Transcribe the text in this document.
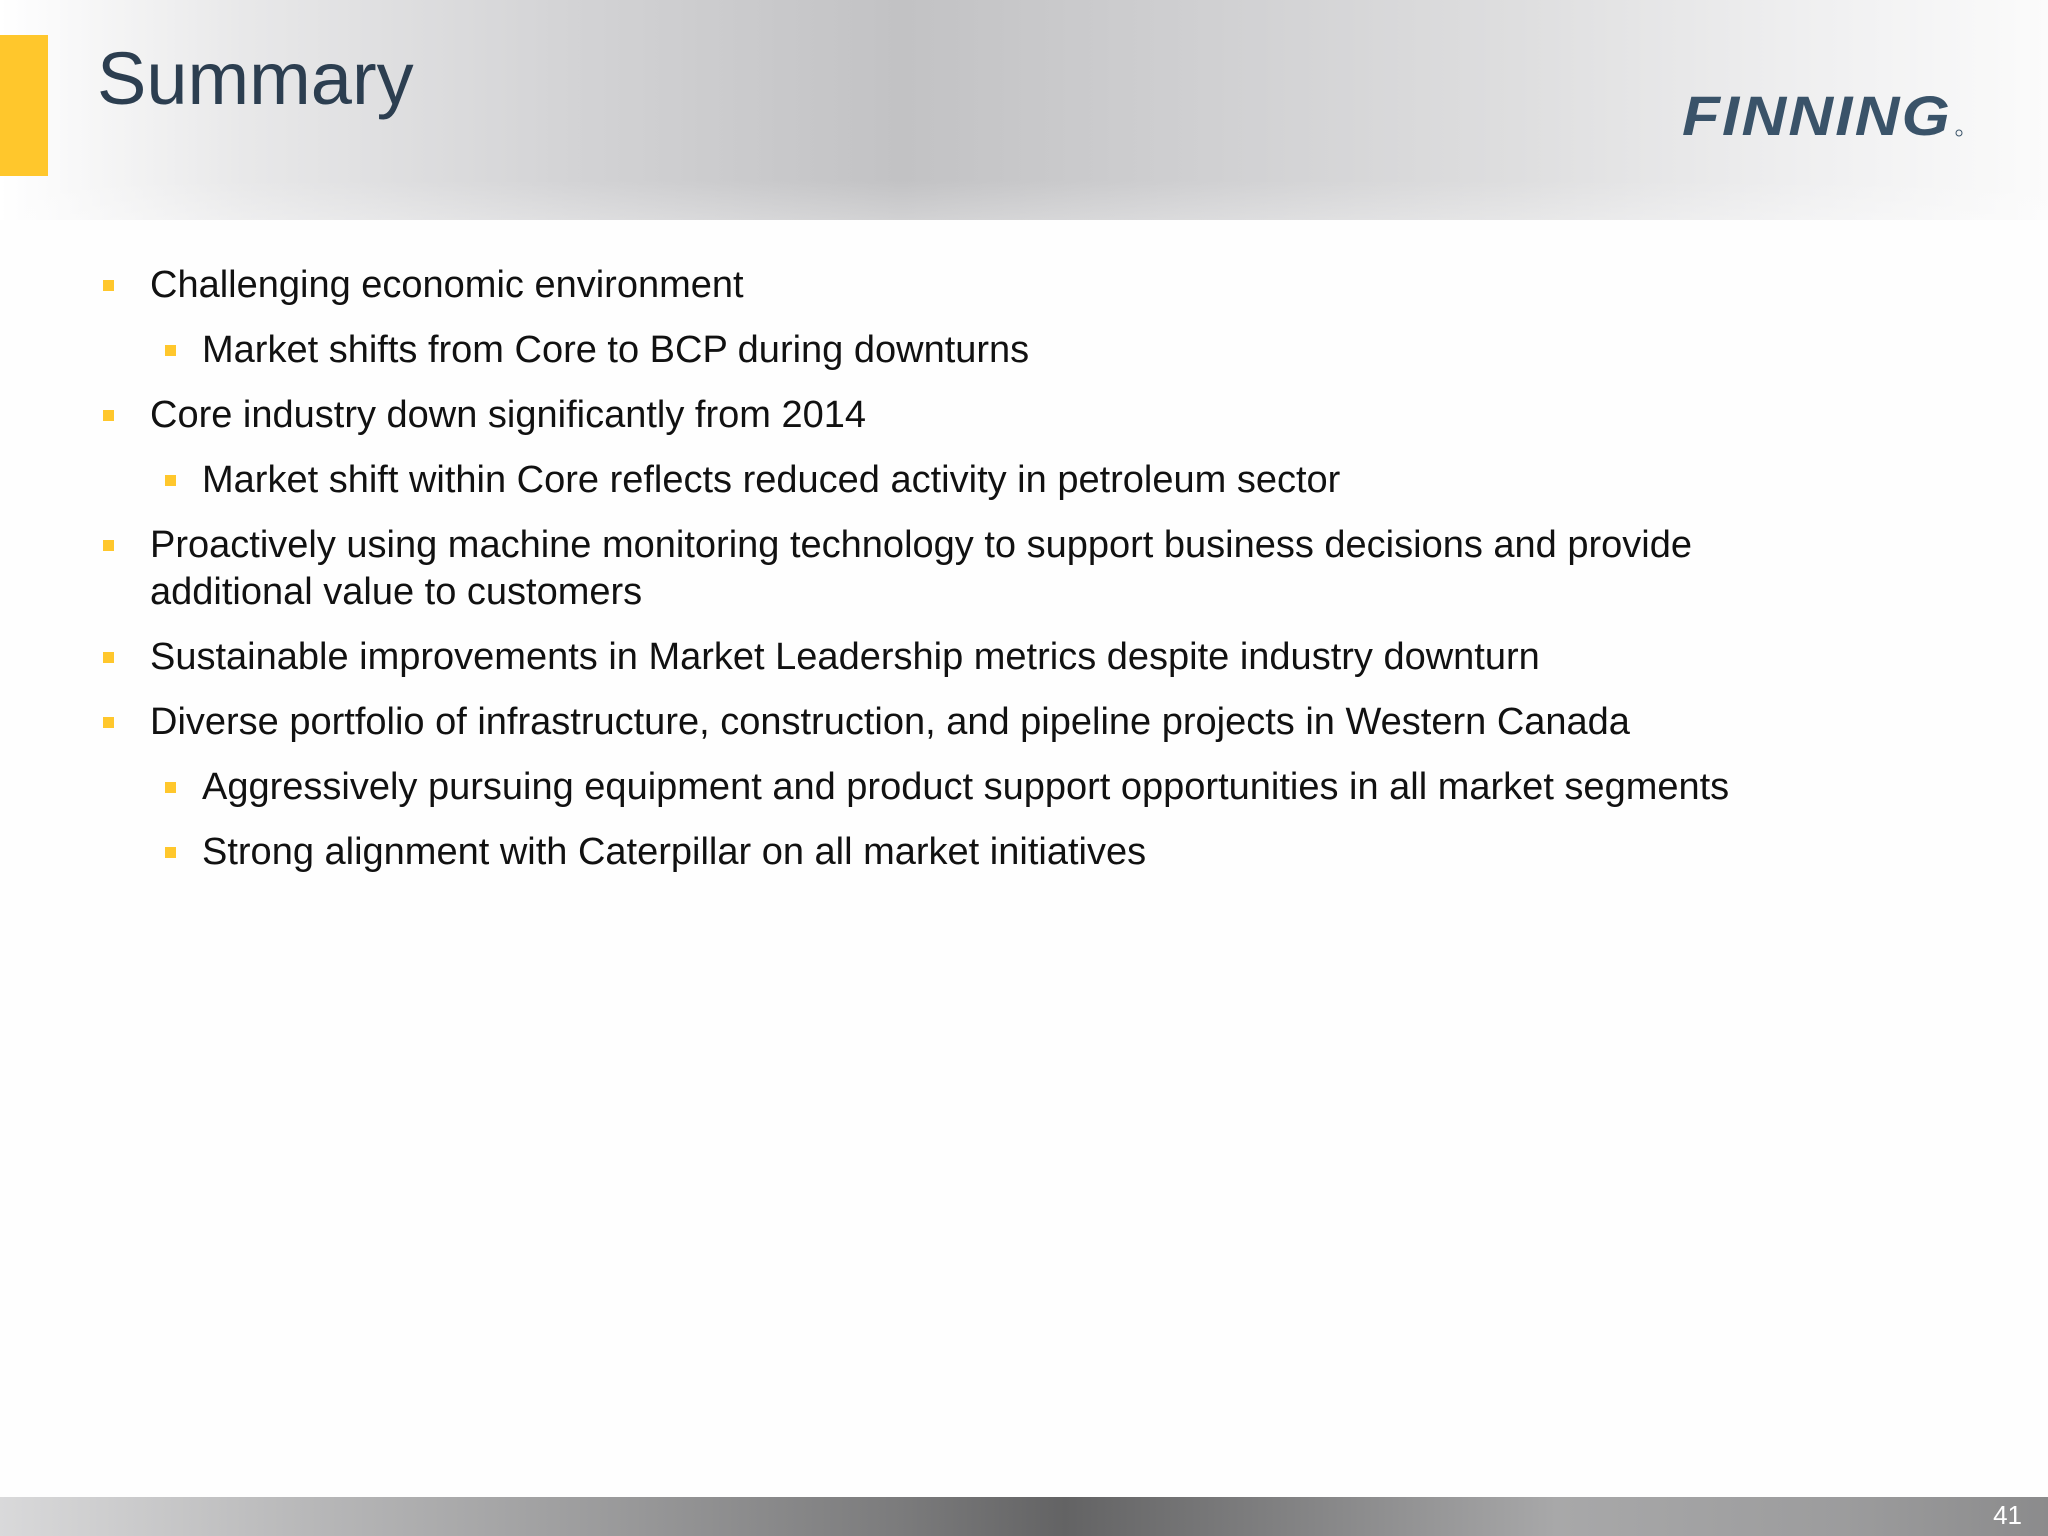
Summary	FINNING
Challenging economic environment
Market shifts from Core to BCP during downturns
Core industry down significantly from 2014
Market shift within Core reflects reduced activity in petroleum sector
Proactively using machine monitoring technology to support business decisions and provide additional value to customers
Sustainable improvements in Market Leadership metrics despite industry downturn
Diverse portfolio of infrastructure, construction, and pipeline projects in Western Canada
Aggressively pursuing equipment and product support opportunities in all market segments
Strong alignment with Caterpillar on all market initiatives
41
